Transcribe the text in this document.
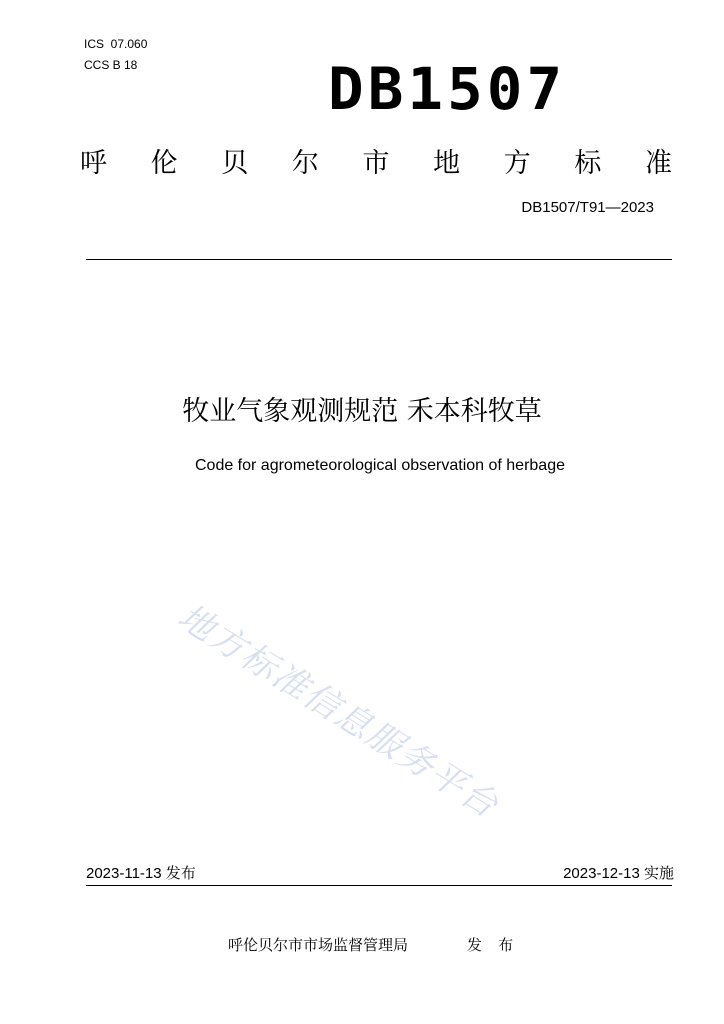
ICS  07.060
CCS B 18	DB1507
呼 伦 贝 尔 市 地 方 标 准
DB1507/T91—2023
牧业气象观测规范 禾本科牧草
Code for agrometeorological observation of herbage
地方标准信息服务平台
2023-11-13 发布	2023-12-13 实施
呼伦贝尔市市场监督管理局	发 布
